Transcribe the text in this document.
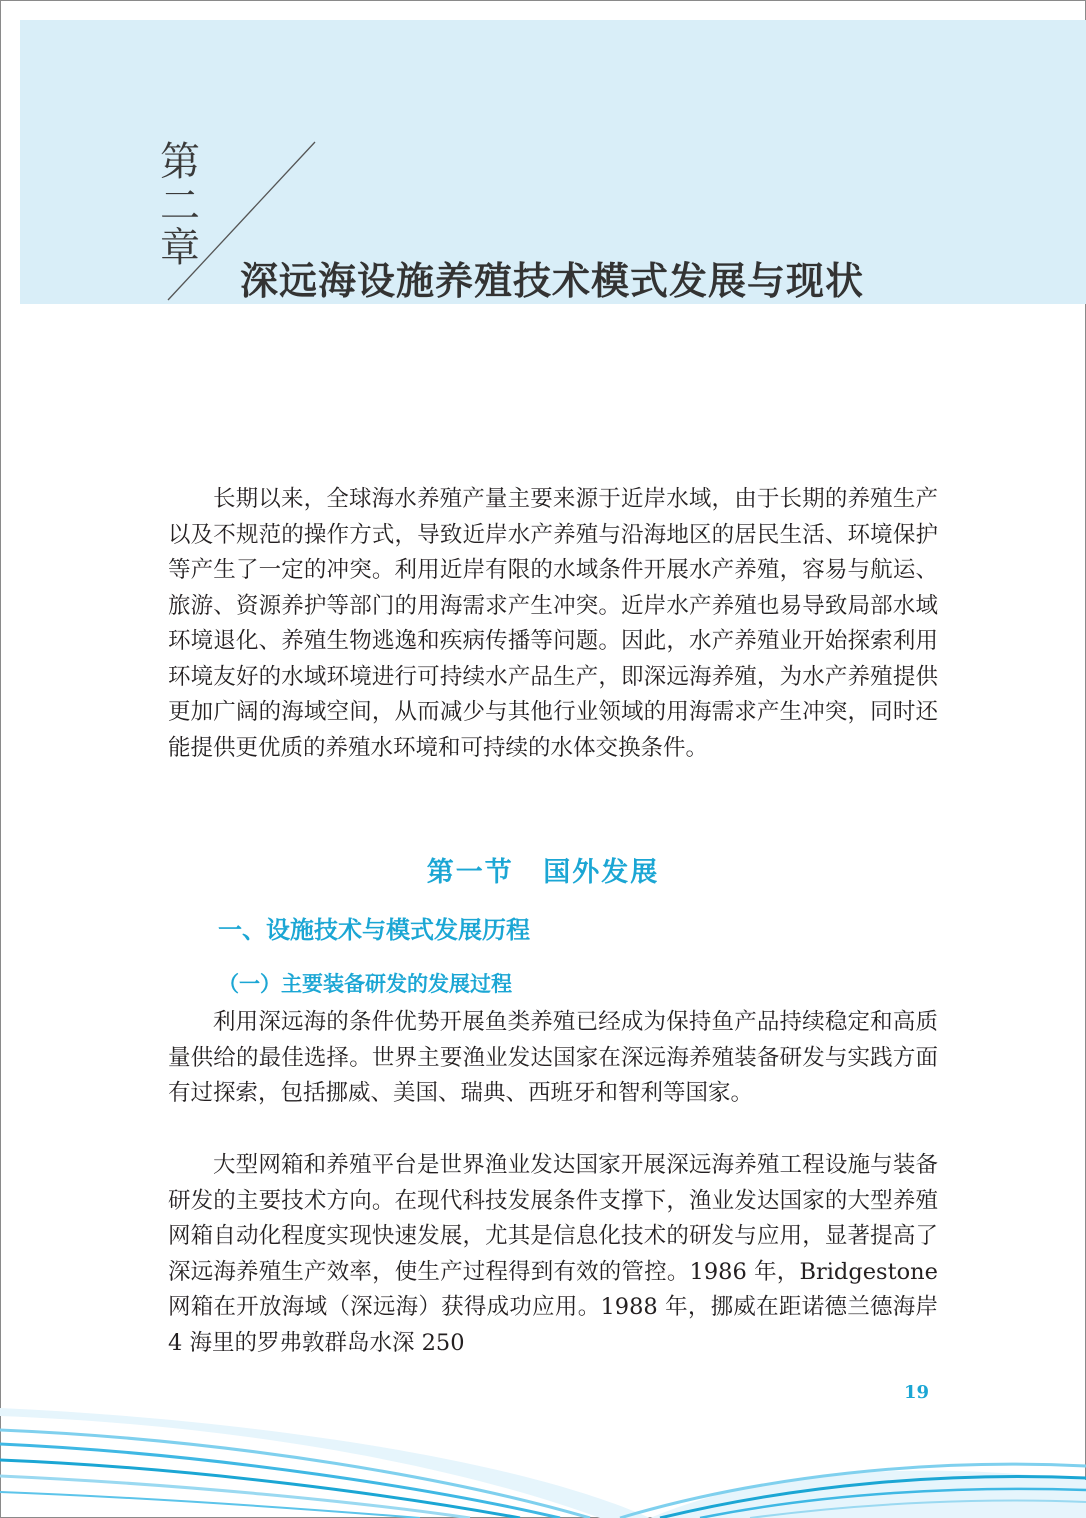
第
二
章
深远海设施养殖技术模式发展与现状

长期以来，全球海水养殖产量主要来源于近岸水域，由于长期的养殖生产以及不规范的操作方式，导致近岸水产养殖与沿海地区的居民生活、环境保护等产生了一定的冲突。利用近岸有限的水域条件开展水产养殖，容易与航运、旅游、资源养护等部门的用海需求产生冲突。近岸水产养殖也易导致局部水域环境退化、养殖生物逃逸和疾病传播等问题。因此，水产养殖业开始探索利用环境友好的水域环境进行可持续水产品生产，即深远海养殖，为水产养殖提供更加广阔的海域空间，从而减少与其他行业领域的用海需求产生冲突，同时还能提供更优质的养殖水环境和可持续的水体交换条件。

第一节 国外发展
一、设施技术与模式发展历程
（一）主要装备研发的发展过程

利用深远海的条件优势开展鱼类养殖已经成为保持鱼产品持续稳定和高质量供给的最佳选择。世界主要渔业发达国家在深远海养殖装备研发与实践方面有过探索，包括挪威、美国、瑞典、西班牙和智利等国家。

大型网箱和养殖平台是世界渔业发达国家开展深远海养殖工程设施与装备研发的主要技术方向。在现代科技发展条件支撑下，渔业发达国家的大型养殖网箱自动化程度实现快速发展，尤其是信息化技术的研发与应用，显著提高了深远海养殖生产效率，使生产过程得到有效的管控。1986 年，Bridgestone 网箱在开放海域（深远海）获得成功应用。1988 年，挪威在距诺德兰德海岸 4 海里的罗弗敦群岛水深 250

19
